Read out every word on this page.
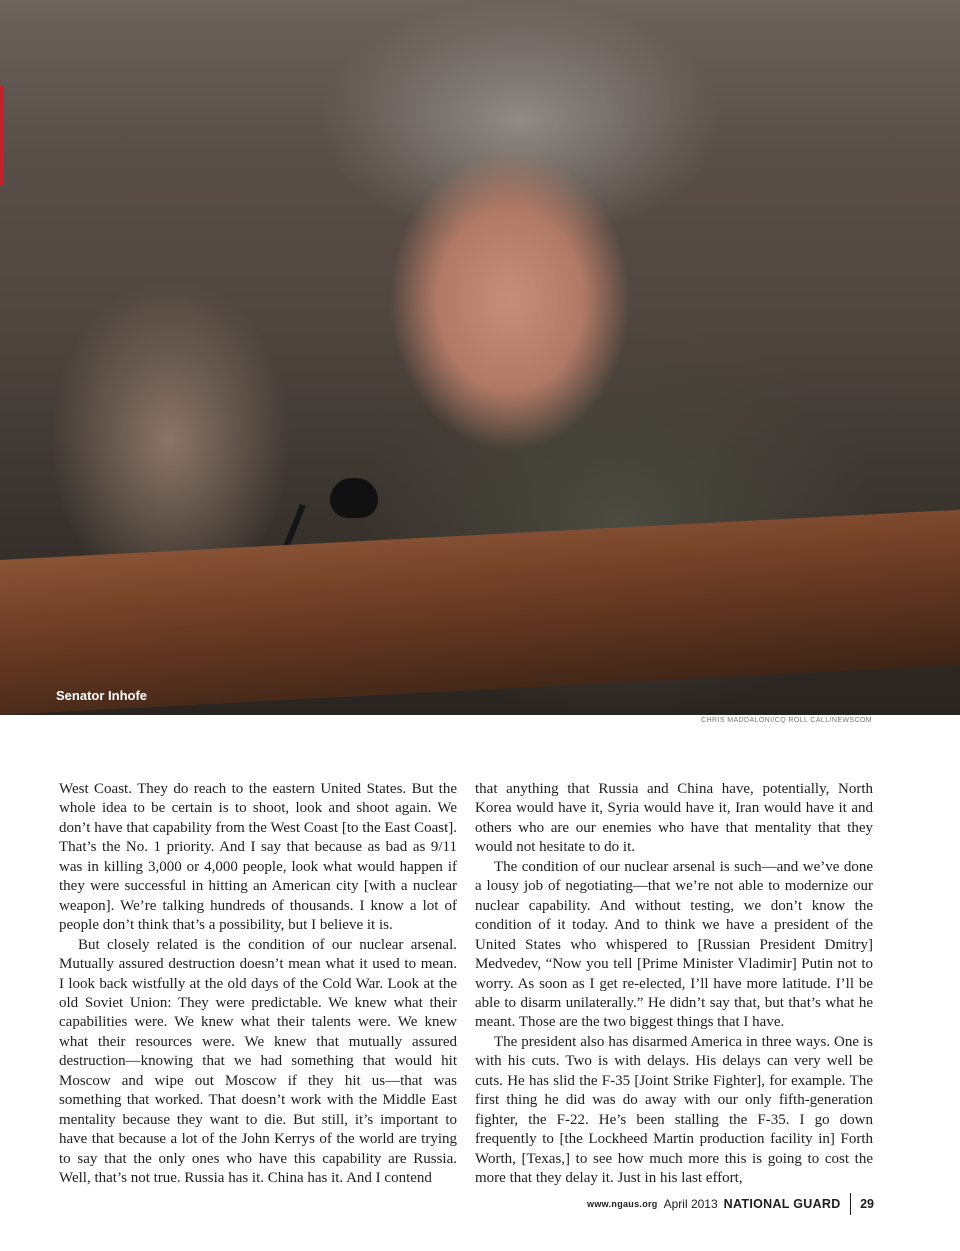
Senator Inhofe
CHRIS MADDALONI/CQ ROLL CALL/NEWSCOM

West Coast. They do reach to the eastern United States. But the whole idea to be certain is to shoot, look and shoot again. We don’t have that capability from the West Coast [to the East Coast]. That’s the No. 1 priority. And I say that because as bad as 9/11 was in killing 3,000 or 4,000 people, look what would happen if they were successful in hitting an American city [with a nuclear weapon]. We’re talking hundreds of thousands. I know a lot of people don’t think that’s a possibility, but I believe it is.

But closely related is the condition of our nuclear arsenal. Mutually assured destruction doesn’t mean what it used to mean. I look back wistfully at the old days of the Cold War. Look at the old Soviet Union: They were predictable. We knew what their capabilities were. We knew what their talents were. We knew what their resources were. We knew that mutually assured destruction—knowing that we had something that would hit Moscow and wipe out Moscow if they hit us—that was something that worked. That doesn’t work with the Middle East mentality because they want to die. But still, it’s important to have that because a lot of the John Kerrys of the world are trying to say that the only ones who have this capability are Russia. Well, that’s not true. Russia has it. China has it. And I contend

that anything that Russia and China have, potentially, North Korea would have it, Syria would have it, Iran would have it and others who are our enemies who have that mentality that they would not hesitate to do it.

The condition of our nuclear arsenal is such—and we’ve done a lousy job of negotiating—that we’re not able to modernize our nuclear capability. And without testing, we don’t know the condition of it today. And to think we have a president of the United States who whispered to [Russian President Dmitry] Medvedev, “Now you tell [Prime Minister Vladimir] Putin not to worry. As soon as I get re-elected, I’ll have more latitude. I’ll be able to disarm unilaterally.” He didn’t say that, but that’s what he meant. Those are the two biggest things that I have.

The president also has disarmed America in three ways. One is with his cuts. Two is with delays. His delays can very well be cuts. He has slid the F-35 [Joint Strike Fighter], for example. The first thing he did was do away with our only fifth-generation fighter, the F-22. He’s been stalling the F-35. I go down frequently to [the Lockheed Martin production facility in] Forth Worth, [Texas,] to see how much more this is going to cost the more that they delay it. Just in his last effort,

www.ngaus.org April 2013 NATIONAL GUARD 29
